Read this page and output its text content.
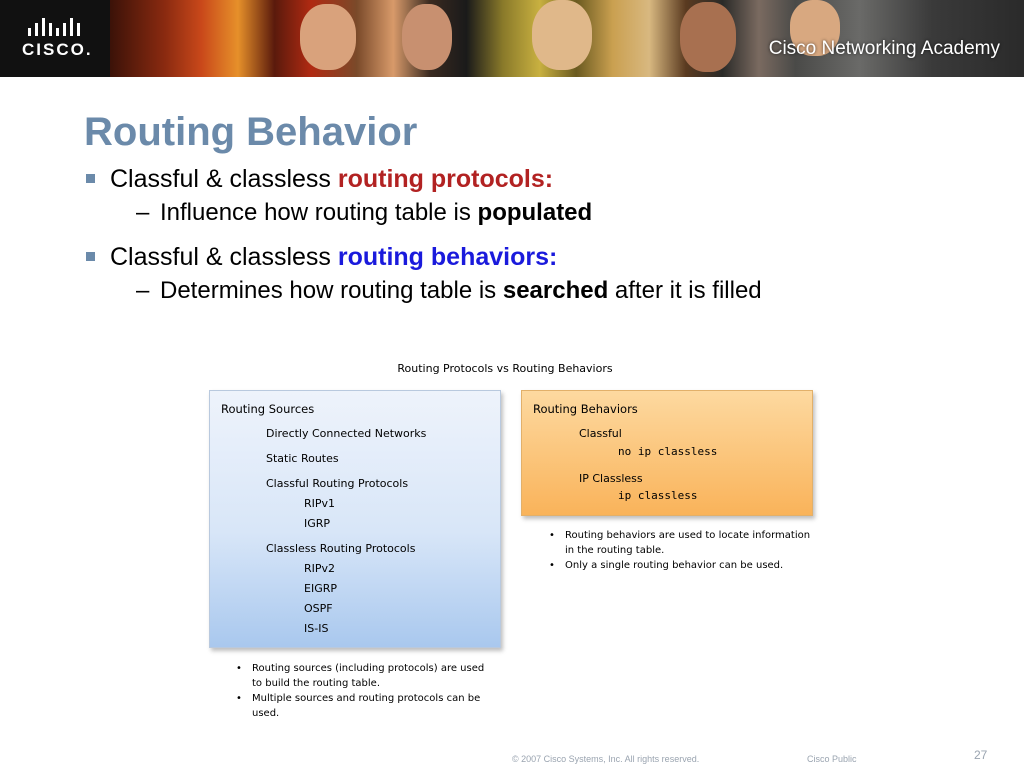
CISCO.	Cisco Networking Academy
Routing Behavior
Classful & classless routing protocols:
– Influence how routing table is populated
Classful & classless routing behaviors:
– Determines how routing table is searched after it is filled
Routing Protocols vs Routing Behaviors
Routing Sources
Directly Connected Networks
Static Routes
Classful Routing Protocols
RIPv1
IGRP
Classless Routing Protocols
RIPv2
EIGRP
OSPF
IS-IS
• Routing sources (including protocols) are used to build the routing table.
• Multiple sources and routing protocols can be used.
Routing Behaviors
Classful
no ip classless
IP Classless
ip classless
• Routing behaviors are used to locate information in the routing table.
• Only a single routing behavior can be used.
© 2007 Cisco Systems, Inc. All rights reserved.	Cisco Public	27
